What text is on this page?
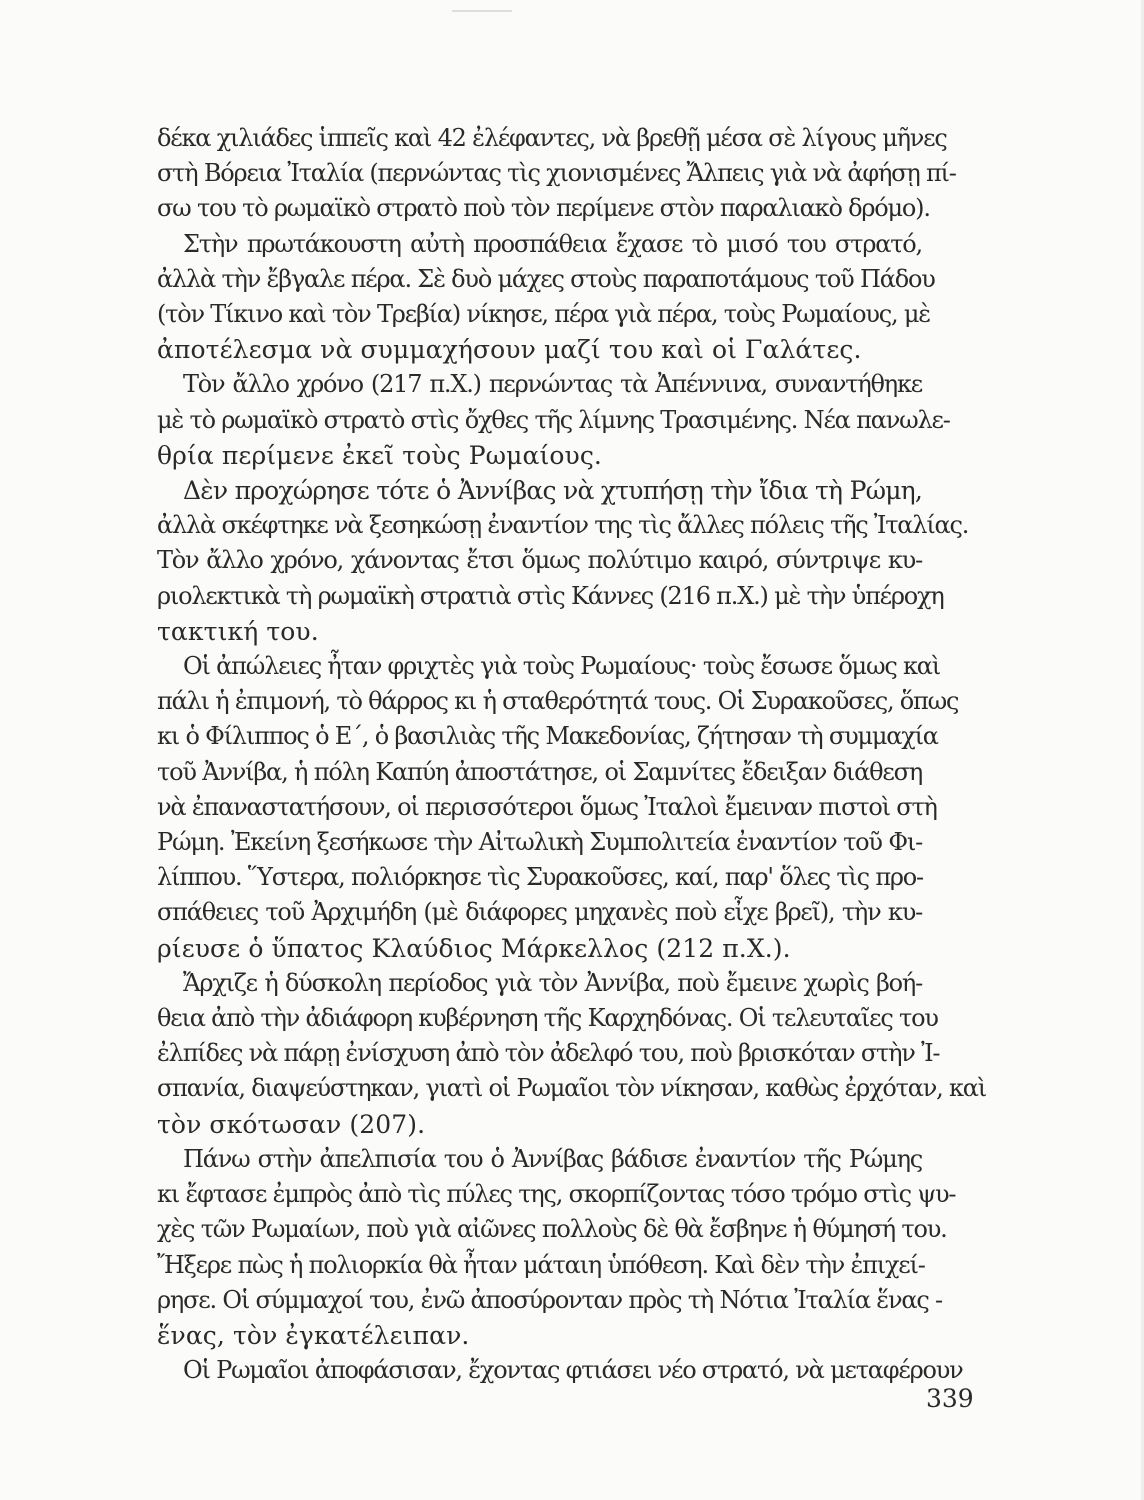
δέκα χιλιάδες ἱππεῖς καὶ 42 ἐλέφαντες, νὰ βρεθῇ μέσα σὲ λίγους μῆνες
στὴ Βόρεια Ἰταλία (περνώντας τὶς χιονισμένες Ἄλπεις γιὰ νὰ ἀφήσῃ πί-
σω του τὸ ρωμαϊκὸ στρατὸ ποὺ τὸν περίμενε στὸν παραλιακὸ δρόμο).

Στὴν πρωτάκουστη αὐτὴ προσπάθεια ἔχασε τὸ μισό του στρατό,
ἀλλὰ τὴν ἔβγαλε πέρα. Σὲ δυὸ μάχες στοὺς παραποτάμους τοῦ Πάδου
(τὸν Τίκινο καὶ τὸν Τρεβία) νίκησε, πέρα γιὰ πέρα, τοὺς Ρωμαίους, μὲ
ἀποτέλεσμα νὰ συμμαχήσουν μαζί του καὶ οἱ Γαλάτες.

Τὸν ἄλλο χρόνο (217 π.Χ.) περνώντας τὰ Ἀπέννινα, συναντήθηκε
μὲ τὸ ρωμαϊκὸ στρατὸ στὶς ὄχθες τῆς λίμνης Τρασιμένης. Νέα πανωλε-
θρία περίμενε ἐκεῖ τοὺς Ρωμαίους.

Δὲν προχώρησε τότε ὁ Ἀννίβας νὰ χτυπήσῃ τὴν ἴδια τὴ Ρώμη,
ἀλλὰ σκέφτηκε νὰ ξεσηκώσῃ ἐναντίον της τὶς ἄλλες πόλεις τῆς Ἰταλίας.
Τὸν ἄλλο χρόνο, χάνοντας ἔτσι ὅμως πολύτιμο καιρό, σύντριψε κυ-
ριολεκτικὰ τὴ ρωμαϊκὴ στρατιὰ στὶς Κάννες (216 π.Χ.) μὲ τὴν ὑπέροχη
τακτική του.

Οἱ ἀπώλειες ἦταν φριχτὲς γιὰ τοὺς Ρωμαίους· τοὺς ἔσωσε ὅμως καὶ
πάλι ἡ ἐπιμονή, τὸ θάρρος κι ἡ σταθερότητά τους. Οἱ Συρακοῦσες, ὅπως
κι ὁ Φίλιππος ὁ Ε΄, ὁ βασιλιὰς τῆς Μακεδονίας, ζήτησαν τὴ συμμαχία
τοῦ Ἀννίβα, ἡ πόλη Καπύη ἀποστάτησε, οἱ Σαμνίτες ἔδειξαν διάθεση
νὰ ἐπαναστατήσουν, οἱ περισσότεροι ὅμως Ἰταλοὶ ἔμειναν πιστοὶ στὴ
Ρώμη. Ἐκείνη ξεσήκωσε τὴν Αἰτωλικὴ Συμπολιτεία ἐναντίον τοῦ Φι-
λίππου. Ὕστερα, πολιόρκησε τὶς Συρακοῦσες, καί, παρ' ὅλες τὶς προ-
σπάθειες τοῦ Ἀρχιμήδη (μὲ διάφορες μηχανὲς ποὺ εἶχε βρεῖ), τὴν κυ-
ρίευσε ὁ ὕπατος Κλαύδιος Μάρκελλος (212 π.Χ.).

Ἄρχιζε ἡ δύσκολη περίοδος γιὰ τὸν Ἀννίβα, ποὺ ἔμεινε χωρὶς βοή-
θεια ἀπὸ τὴν ἀδιάφορη κυβέρνηση τῆς Καρχηδόνας. Οἱ τελευταῖες του
ἐλπίδες νὰ πάρῃ ἐνίσχυση ἀπὸ τὸν ἀδελφό του, ποὺ βρισκόταν στὴν Ἰ-
σπανία, διαψεύστηκαν, γιατὶ οἱ Ρωμαῖοι τὸν νίκησαν, καθὼς ἐρχόταν, καὶ
τὸν σκότωσαν (207).

Πάνω στὴν ἀπελπισία του ὁ Ἀννίβας βάδισε ἐναντίον τῆς Ρώμης
κι ἔφτασε ἐμπρὸς ἀπὸ τὶς πύλες της, σκορπίζοντας τόσο τρόμο στὶς ψυ-
χὲς τῶν Ρωμαίων, ποὺ γιὰ αἰῶνες πολλοὺς δὲ θὰ ἔσβηνε ἡ θύμησή του.
Ἤξερε πὼς ἡ πολιορκία θὰ ἦταν μάταιη ὑπόθεση. Καὶ δὲν τὴν ἐπιχεί-
ρησε. Οἱ σύμμαχοί του, ἐνῶ ἀποσύρονταν πρὸς τὴ Νότια Ἰταλία ἕνας -
ἕνας, τὸν ἐγκατέλειπαν.

Οἱ Ρωμαῖοι ἀποφάσισαν, ἔχοντας φτιάσει νέο στρατό, νὰ μεταφέρουν

339
